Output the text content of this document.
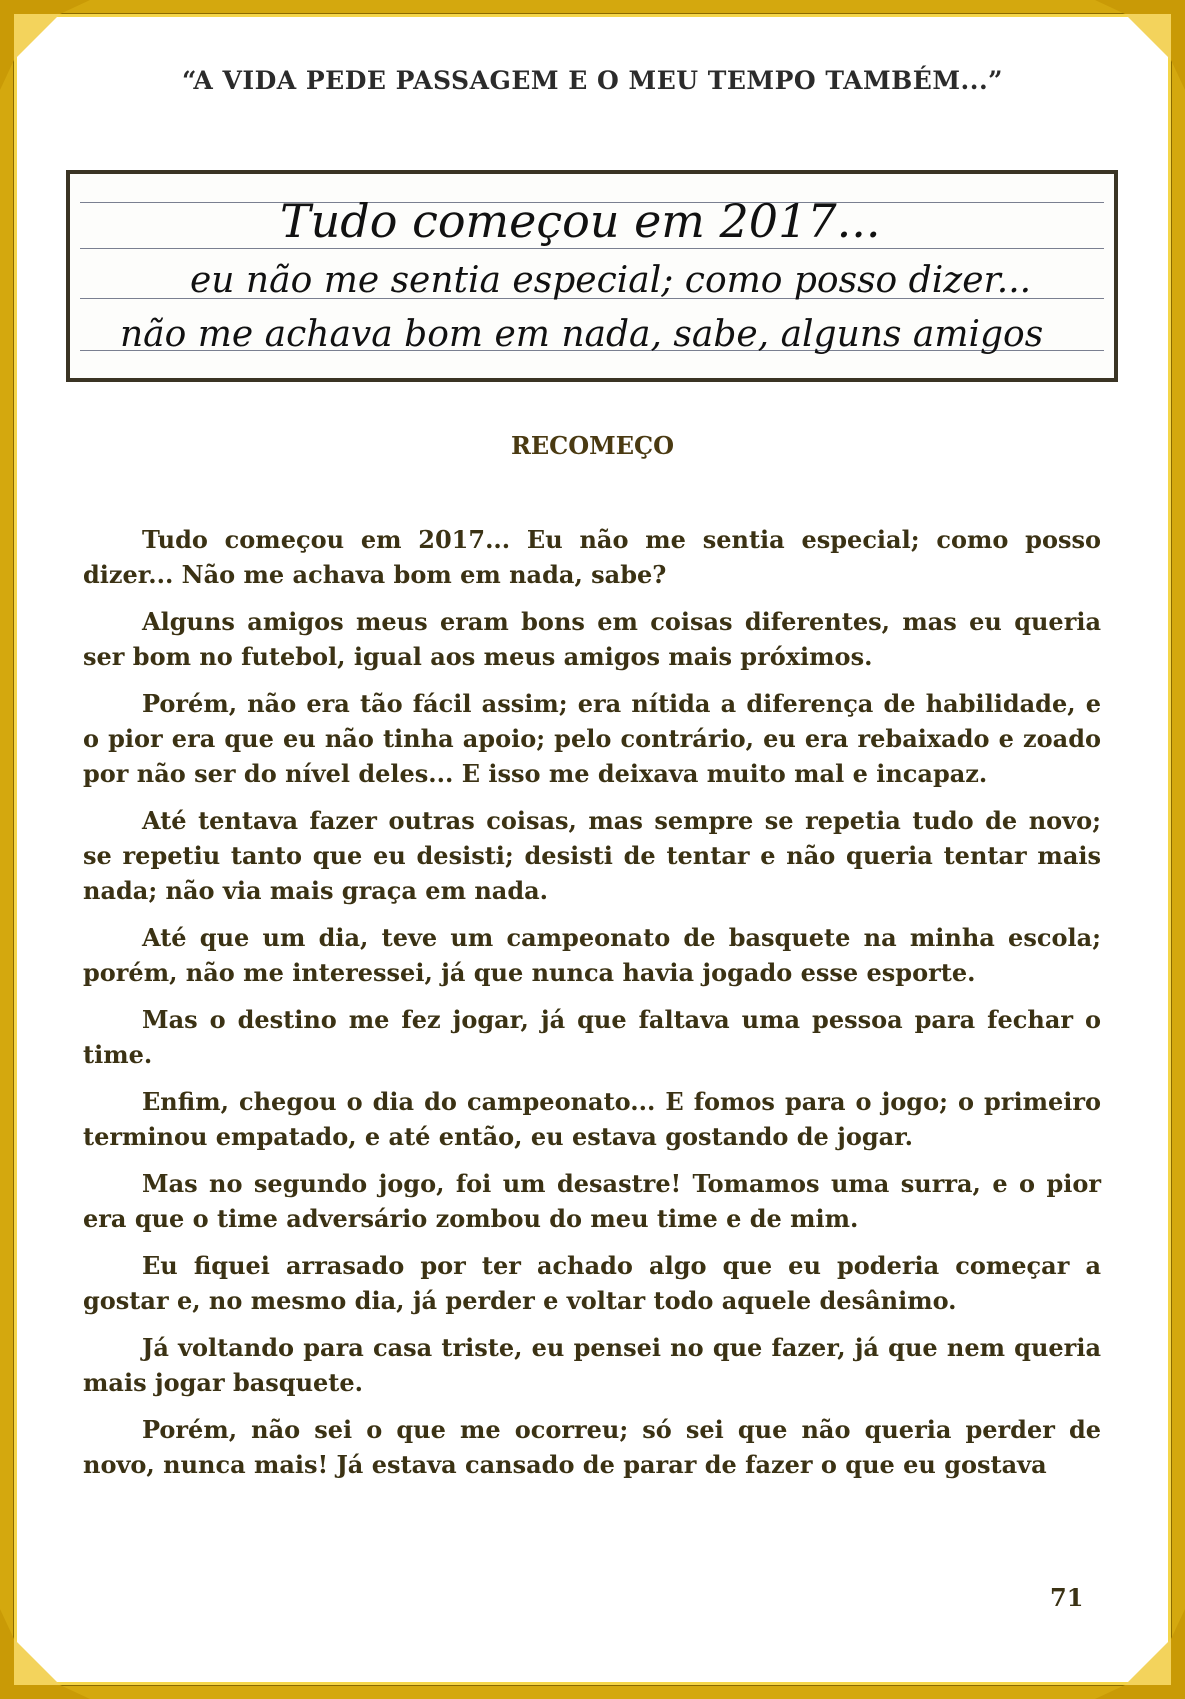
“A VIDA PEDE PASSAGEM E O MEU TEMPO TAMBÉM...”
Tudo começou em 2017...
eu não me sentia especial; como posso dizer...
não me achava bom em nada, sabe, alguns amigos
RECOMEÇO

Tudo começou em 2017... Eu não me sentia especial; como posso dizer... Não me achava bom em nada, sabe?

Alguns amigos meus eram bons em coisas diferentes, mas eu queria ser bom no futebol, igual aos meus amigos mais próximos.

Porém, não era tão fácil assim; era nítida a diferença de habilidade, e o pior era que eu não tinha apoio; pelo contrário, eu era rebaixado e zoado por não ser do nível deles... E isso me deixava muito mal e incapaz.

Até tentava fazer outras coisas, mas sempre se repetia tudo de novo; se repetiu tanto que eu desisti; desisti de tentar e não queria tentar mais nada; não via mais graça em nada.

Até que um dia, teve um campeonato de basquete na minha escola; porém, não me interessei, já que nunca havia jogado esse esporte.

Mas o destino me fez jogar, já que faltava uma pessoa para fechar o time.

Enfim, chegou o dia do campeonato... E fomos para o jogo; o primeiro terminou empatado, e até então, eu estava gostando de jogar.

Mas no segundo jogo, foi um desastre! Tomamos uma surra, e o pior era que o time adversário zombou do meu time e de mim.

Eu fiquei arrasado por ter achado algo que eu poderia começar a gostar e, no mesmo dia, já perder e voltar todo aquele desânimo.

Já voltando para casa triste, eu pensei no que fazer, já que nem queria mais jogar basquete.

Porém, não sei o que me ocorreu; só sei que não queria perder de novo, nunca mais! Já estava cansado de parar de fazer o que eu gostava

71
